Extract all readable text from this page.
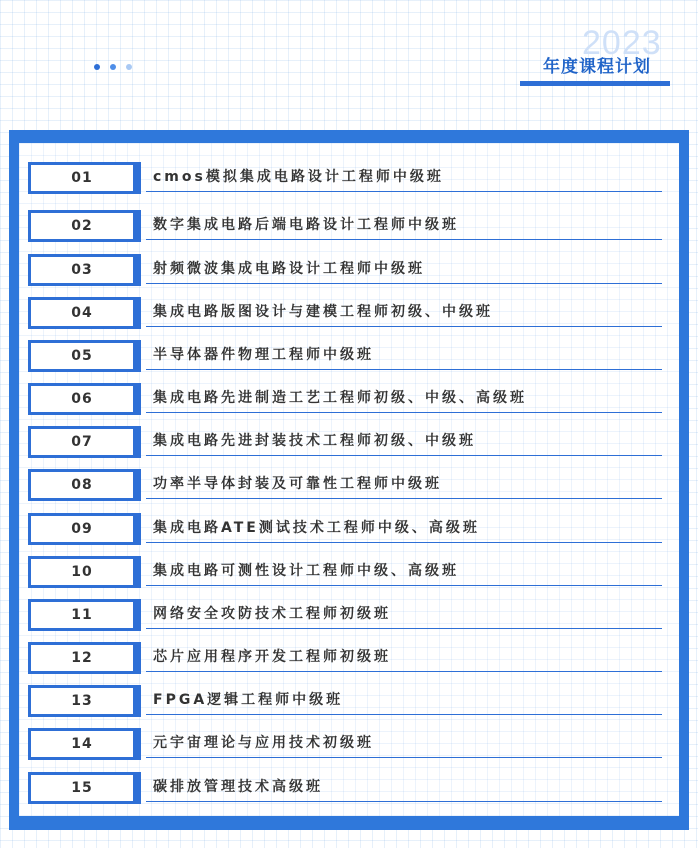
2023
年度课程计划
01	cmos模拟集成电路设计工程师中级班
02	数字集成电路后端电路设计工程师中级班
03	射频微波集成电路设计工程师中级班
04	集成电路版图设计与建模工程师初级、中级班
05	半导体器件物理工程师中级班
06	集成电路先进制造工艺工程师初级、中级、高级班
07	集成电路先进封装技术工程师初级、中级班
08	功率半导体封装及可靠性工程师中级班
09	集成电路ATE测试技术工程师中级、高级班
10	集成电路可测性设计工程师中级、高级班
11	网络安全攻防技术工程师初级班
12	芯片应用程序开发工程师初级班
13	FPGA逻辑工程师中级班
14	元宇宙理论与应用技术初级班
15	碳排放管理技术高级班
